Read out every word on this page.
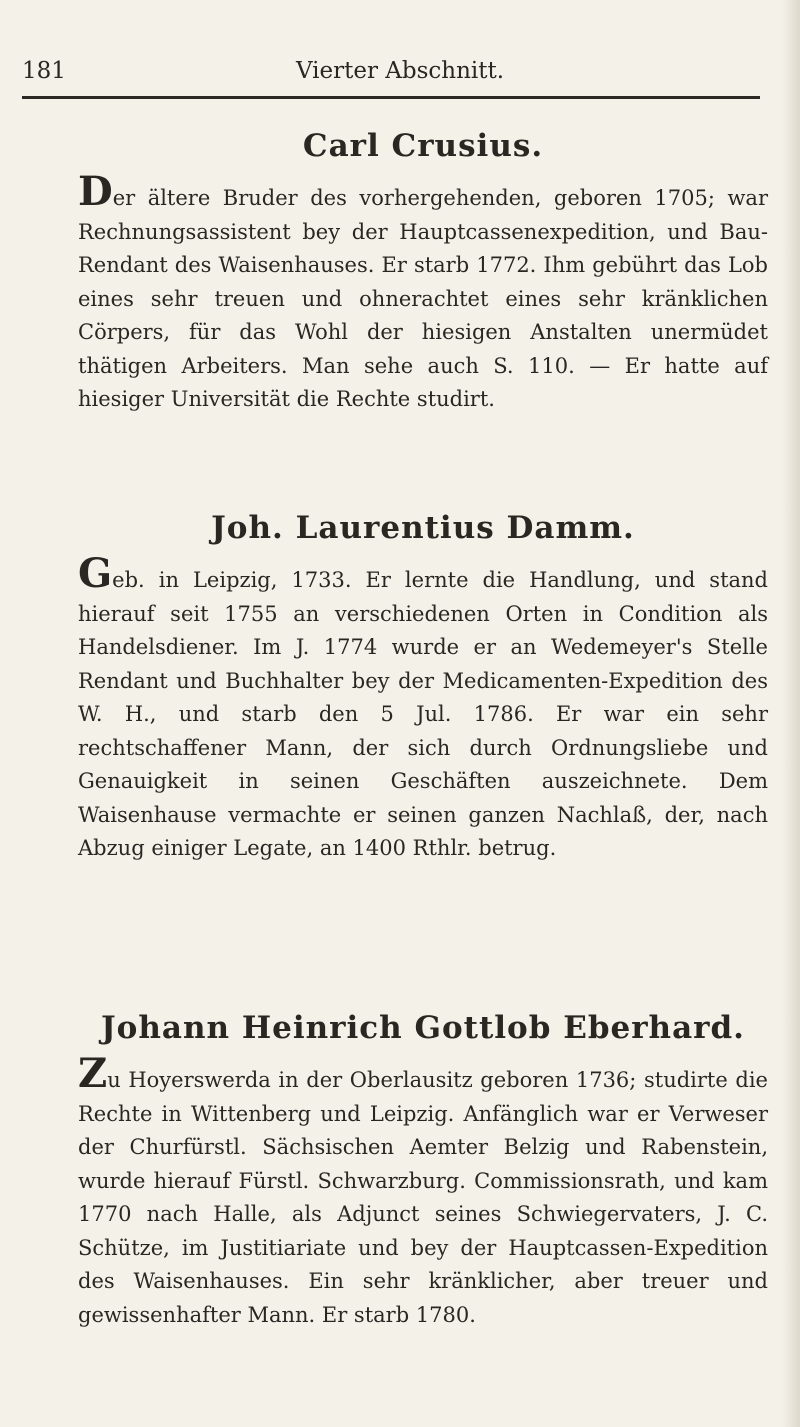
181	Vierter Abschnitt.
Carl Crusius.

Der ältere Bruder des vorhergehenden, geboren 1705; war Rechnungsassistent bey der Hauptcassenexpedition, und Bau-Rendant des Waisenhauses. Er starb 1772. Ihm gebührt das Lob eines sehr treuen und ohnerachtet eines sehr kränklichen Cörpers, für das Wohl der hiesigen Anstalten unermüdet thätigen Arbeiters. Man sehe auch S. 110. — Er hatte auf hiesiger Universität die Rechte studirt.

Joh. Laurentius Damm.

Geb. in Leipzig, 1733. Er lernte die Handlung, und stand hierauf seit 1755 an verschiedenen Orten in Condition als Handelsdiener. Im J. 1774 wurde er an Wedemeyer's Stelle Rendant und Buchhalter bey der Medicamenten-Expedition des W. H., und starb den 5 Jul. 1786. Er war ein sehr rechtschaffener Mann, der sich durch Ordnungsliebe und Genauigkeit in seinen Geschäften auszeichnete. Dem Waisenhause vermachte er seinen ganzen Nachlaß, der, nach Abzug einiger Legate, an 1400 Rthlr. betrug.

Johann Heinrich Gottlob Eberhard.

Zu Hoyerswerda in der Oberlausitz geboren 1736; studirte die Rechte in Wittenberg und Leipzig. Anfänglich war er Verweser der Churfürstl. Sächsischen Aemter Belzig und Rabenstein, wurde hierauf Fürstl. Schwarzburg. Commissionsrath, und kam 1770 nach Halle, als Adjunct seines Schwiegervaters, J. C. Schütze, im Justitiariate und bey der Hauptcassen-Expedition des Waisenhauses. Ein sehr kränklicher, aber treuer und gewissenhafter Mann. Er starb 1780.
